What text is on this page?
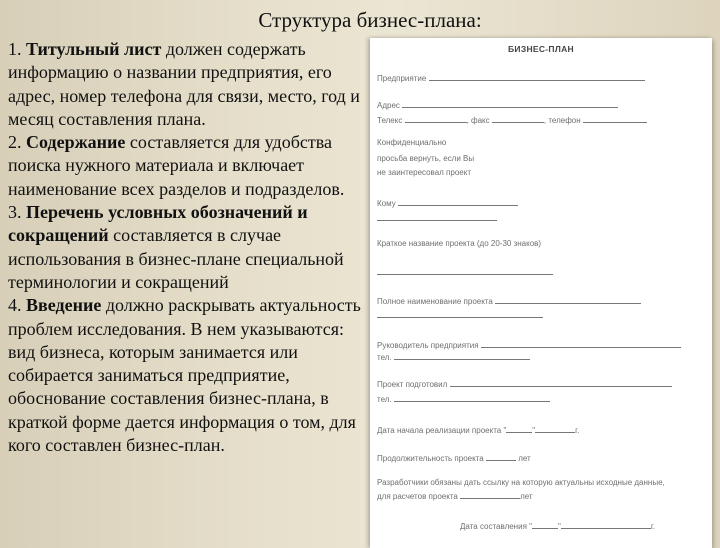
Структура бизнес-плана:

1. Титульный лист должен содержать информацию о названии предприятия, его адрес, номер телефона для связи, место, год и месяц составления плана.

2. Содержание составляется для удобства поиска нужного материала и включает наименование всех разделов и подразделов.

3. Перечень условных обозначений и сокращений составляется в случае использования в бизнес-плане специальной терминологии и сокращений

4. Введение должно раскрывать актуальность проблем исследования. В нем указываются: вид бизнеса, которым занимается или собирается заниматься предприятие, обоснование составления бизнес-плана, в краткой форме дается информация о том, для кого составлен бизнес-план.

БИЗНЕС-ПЛАН
Предприятие
Адрес
Телекс	, факс	, телефон
Конфиденциально
просьба вернуть, если Вы
не заинтересовал проект
Кому
Краткое название проекта (до 20-30 знаков)
Полное наименование проекта
Руководитель предприятия
тел.
Проект подготовил
тел.
Дата начала реализации проекта "	"	г.
Продолжительность проекта	лет
Разработчики обязаны дать ссылку на которую актуальны исходные данные,
для расчетов проекта	лет
Дата составления "	"	г.
